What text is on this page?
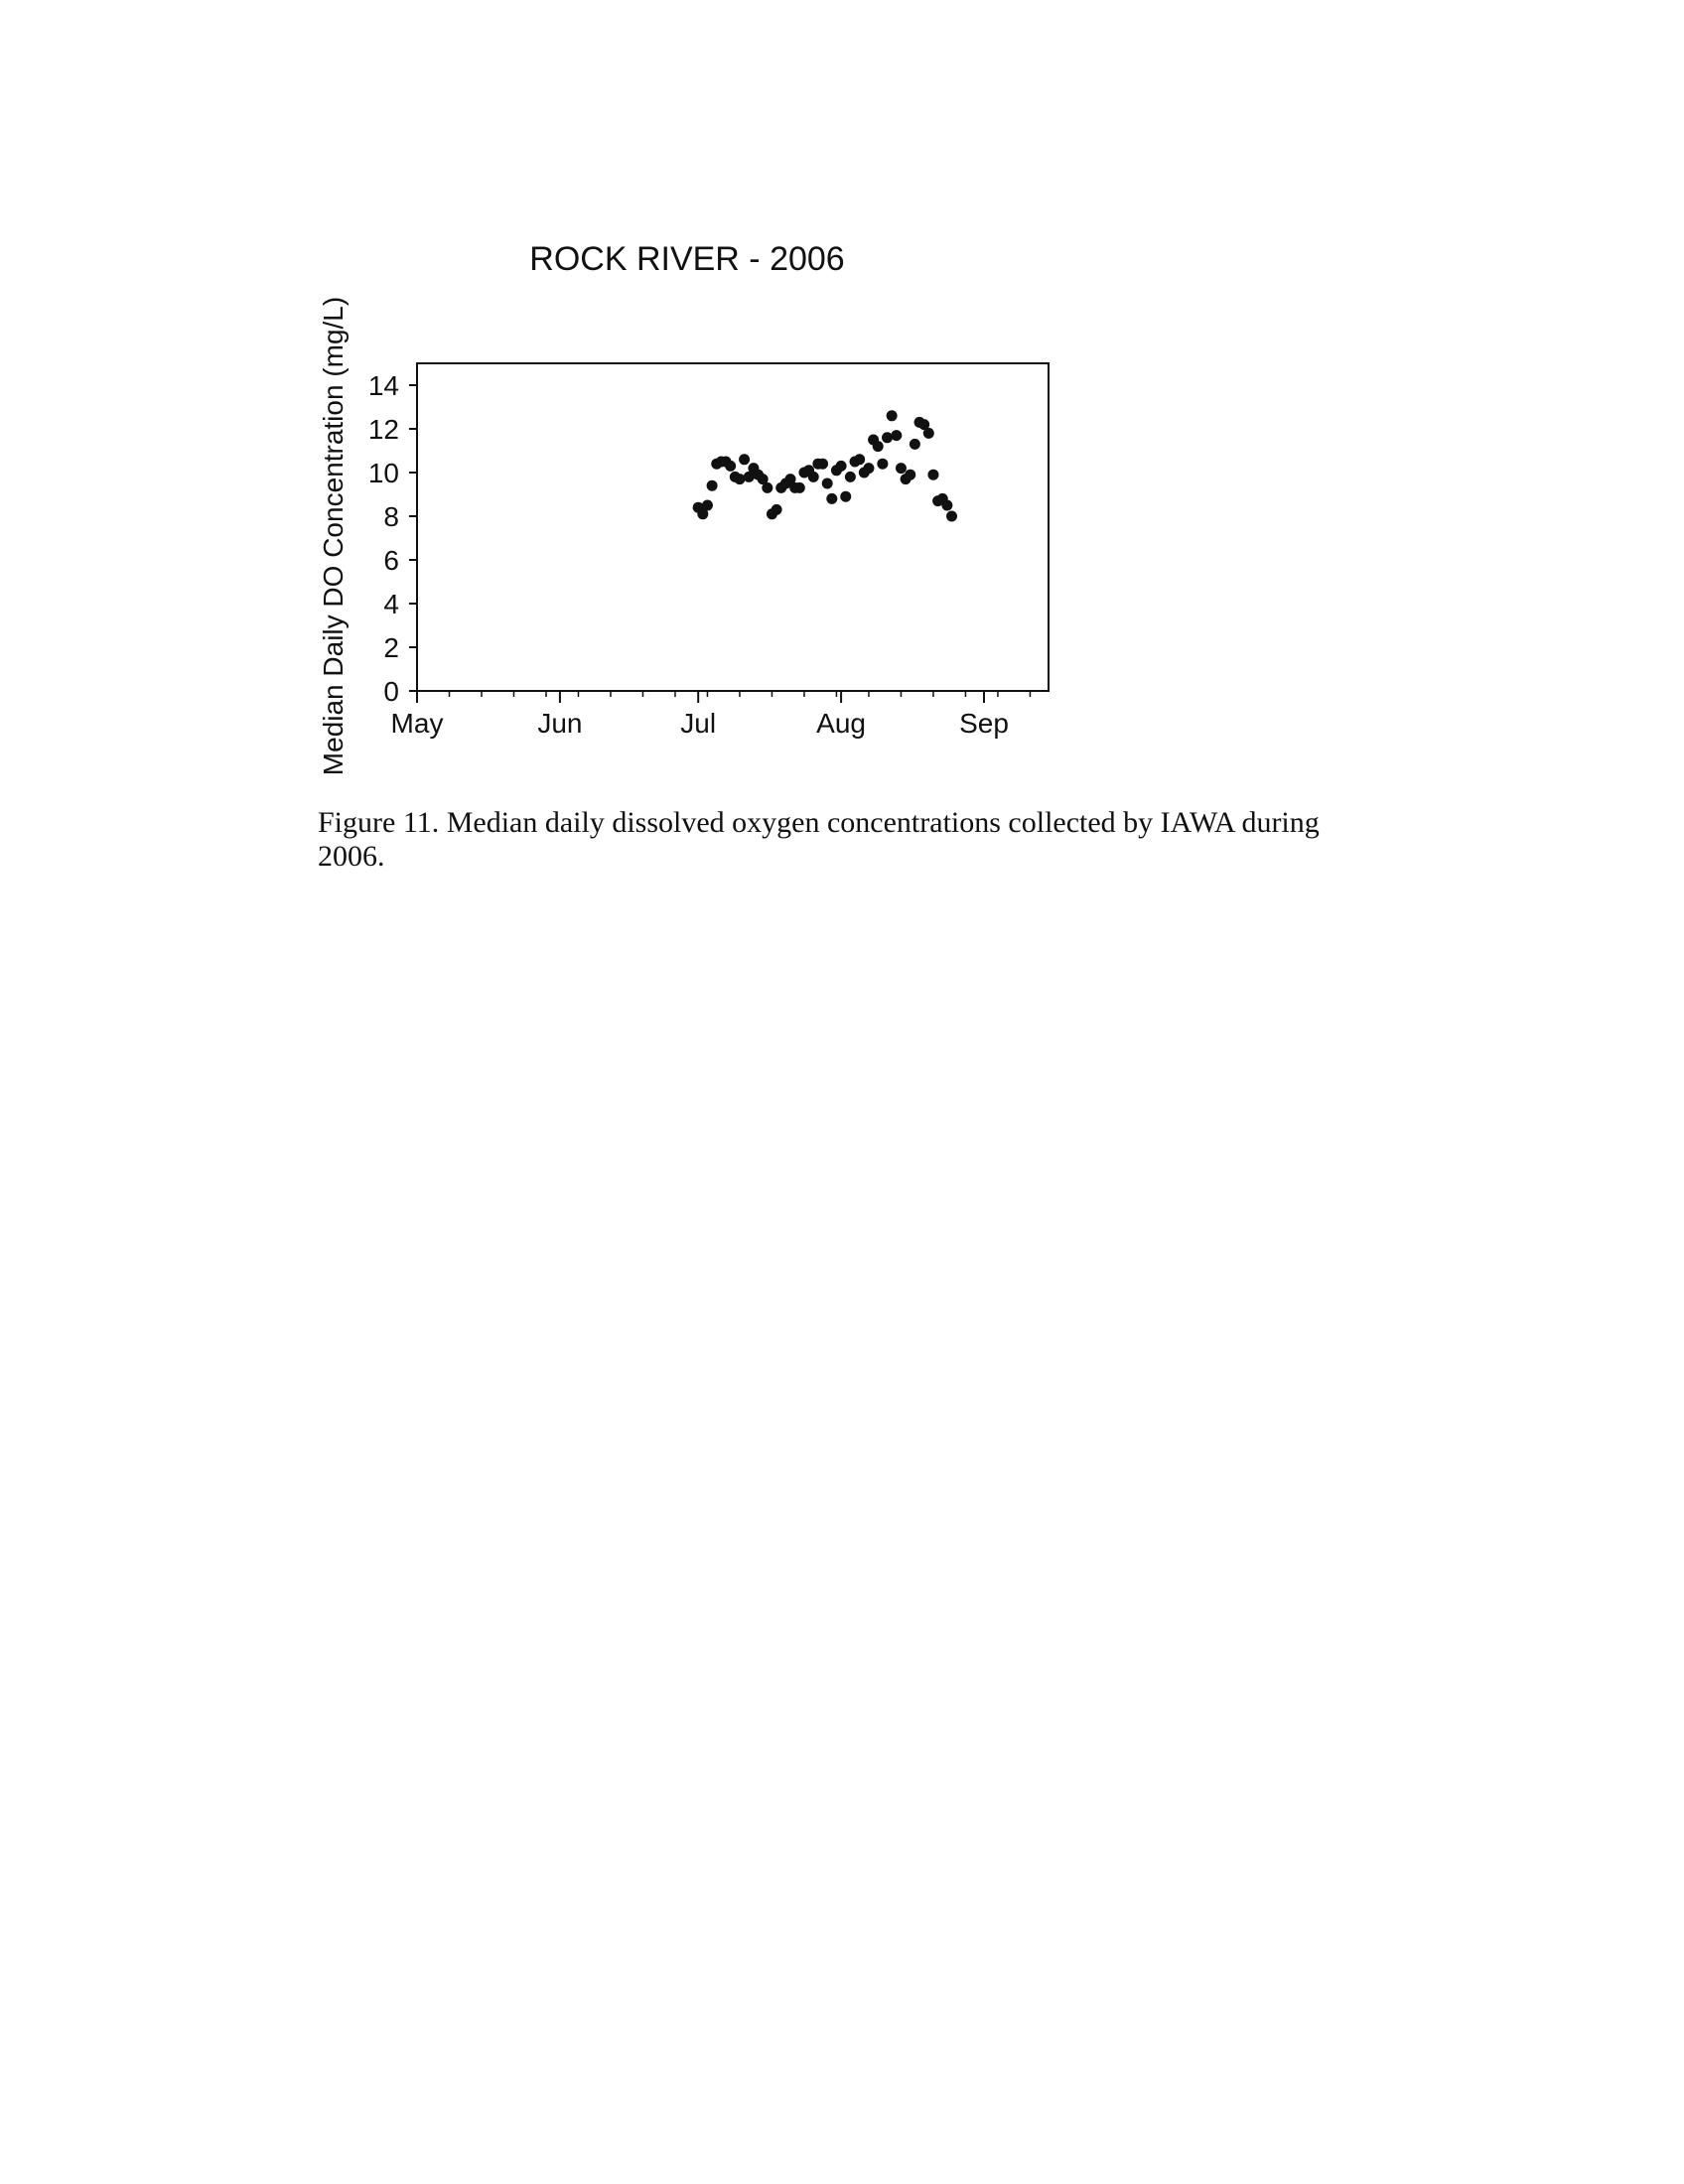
ROCK RIVER - 2006
Median Daily DO Concentration (mg/L) 0
2
4
6
8
10
12
14
May	Jun	Jul	Aug	Sep
Figure 11. Median daily dissolved oxygen concentrations collected by IAWA during 2006.
